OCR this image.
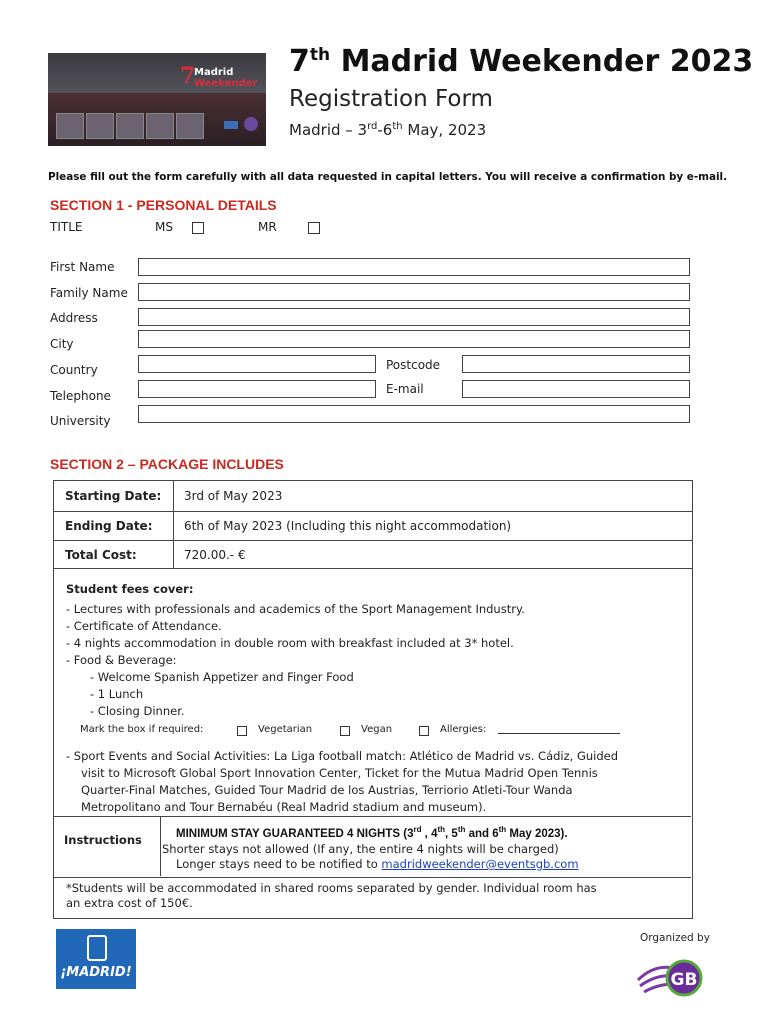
7
Madrid
Weekender
7th Madrid Weekender 2023
Registration Form
Madrid – 3rd-6th May, 2023
Please fill out the form carefully with all data requested in capital letters. You will receive a confirmation by e-mail.
SECTION 1 - PERSONAL DETAILS
TITLE	MS	MR
First Name
Family Name
Address
City
Country	Postcode
Telephone	E-mail
University
SECTION 2 – PACKAGE INCLUDES
Starting Date:	3rd of May 2023
Ending Date:	6th of May 2023 (Including this night accommodation)
Total Cost:	720.00.- €
Student fees cover:
- Lectures with professionals and academics of the Sport Management Industry.
- Certificate of Attendance.
- 4 nights accommodation in double room with breakfast included at 3* hotel.
- Food & Beverage:
- Welcome Spanish Appetizer and Finger Food
- 1 Lunch
- Closing Dinner.
Mark the box if required:	Vegetarian	Vegan	Allergies:
- Sport Events and Social Activities: La Liga football match: Atlético de Madrid vs. Cádiz, Guided
visit to Microsoft Global Sport Innovation Center, Ticket for the Mutua Madrid Open Tennis
Quarter-Final Matches, Guided Tour Madrid de los Austrias, Terriorio Atleti-Tour Wanda
Metropolitano and Tour Bernabéu (Real Madrid stadium and museum).
Instructions	MINIMUM STAY GUARANTEED 4 NIGHTS (3rd , 4th, 5th and 6th May 2023).
Shorter stays not allowed (If any, the entire 4 nights will be charged)
Longer stays need to be notified to madridweekender@eventsgb.com
*Students will be accommodated in shared rooms separated by gender. Individual room has
an extra cost of 150€.
¡MADRID!
Organized by
GB
